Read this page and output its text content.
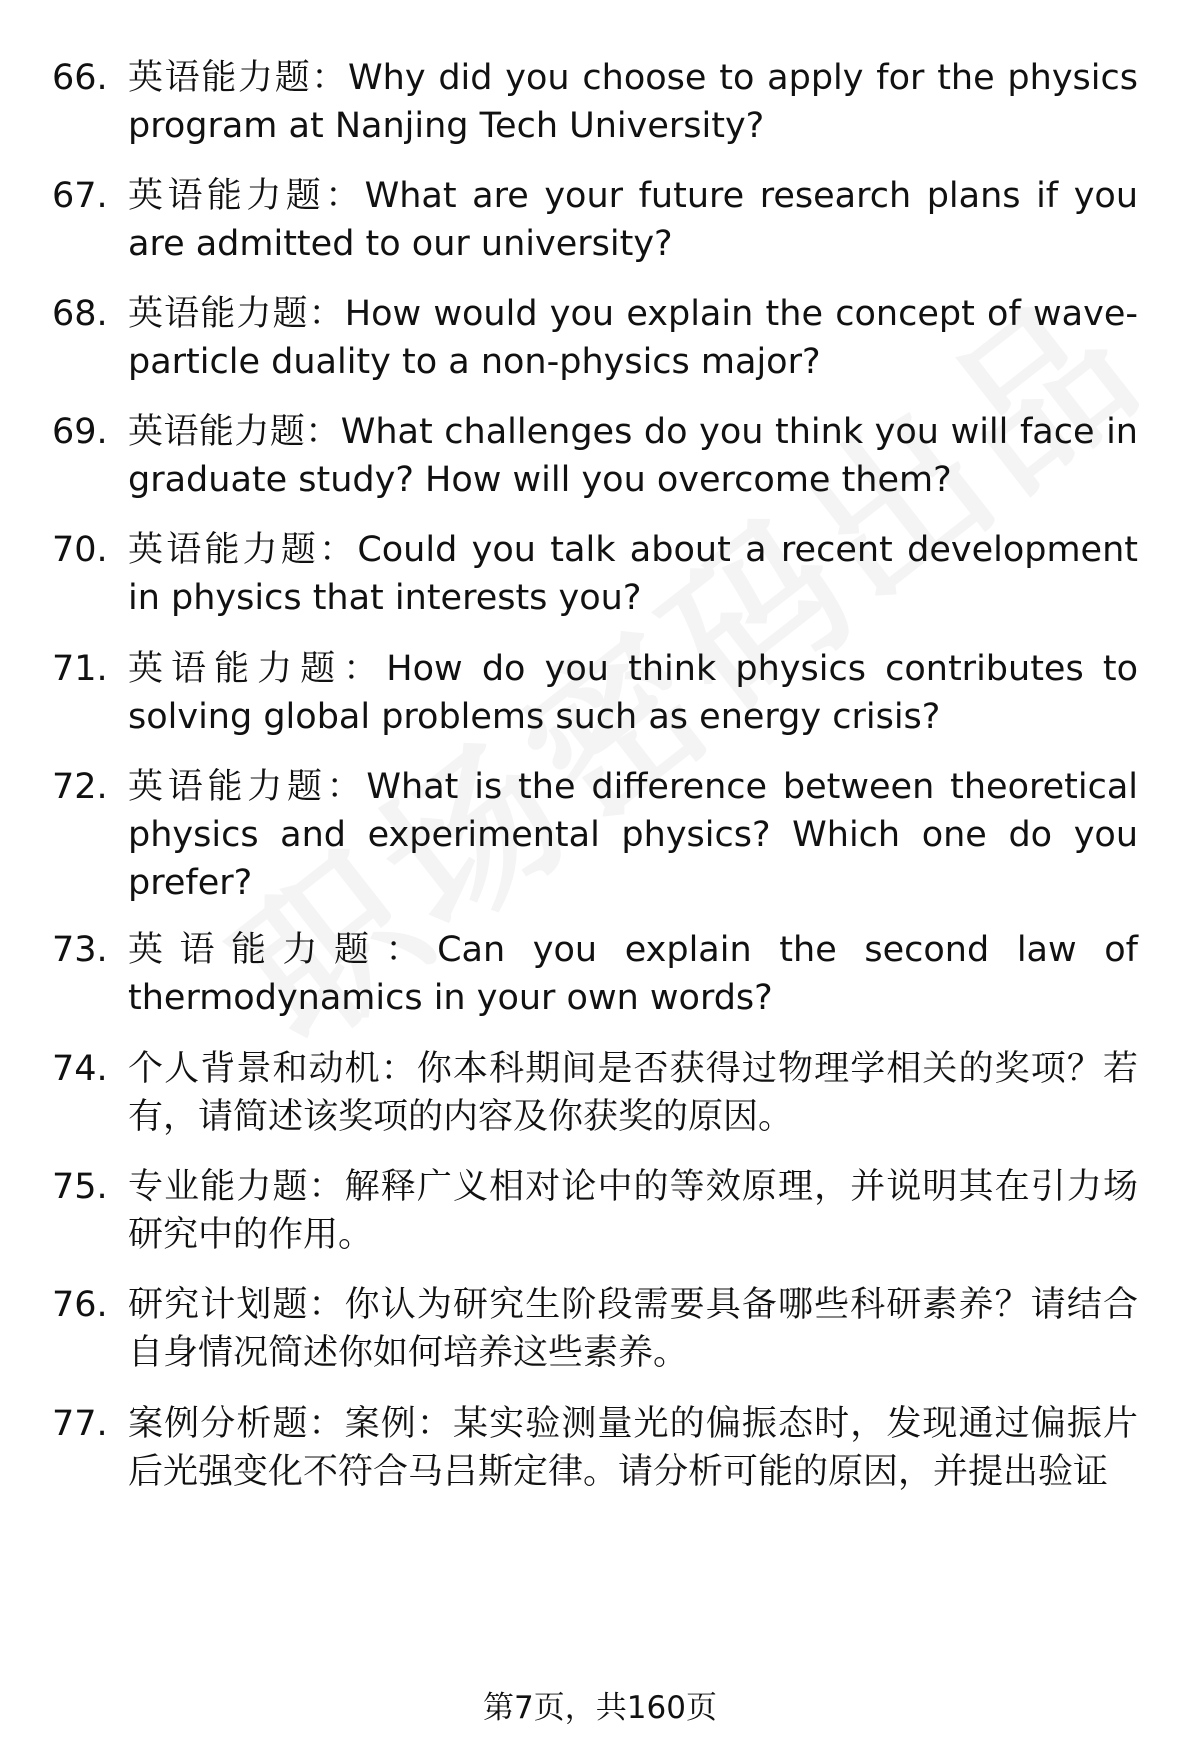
66. 英语能力题：Why did you choose to apply for the physics program at Nanjing Tech University?
67. 英语能力题：What are your future research plans if you are admitted to our university?
68. 英语能力题：How would you explain the concept of wave-particle duality to a non-physics major?
69. 英语能力题：What challenges do you think you will face in graduate study? How will you overcome them?
70. 英语能力题：Could you talk about a recent development in physics that interests you?
71. 英语能力题：How do you think physics contributes to solving global problems such as energy crisis?
72. 英语能力题：What is the difference between theoretical physics and experimental physics? Which one do you prefer?
73. 英语能力题：Can you explain the second law of thermodynamics in your own words?
74. 个人背景和动机：你本科期间是否获得过物理学相关的奖项？若有，请简述该奖项的内容及你获奖的原因。
75. 专业能力题：解释广义相对论中的等效原理，并说明其在引力场研究中的作用。
76. 研究计划题：你认为研究生阶段需要具备哪些科研素养？请结合自身情况简述你如何培养这些素养。
77. 案例分析题：案例：某实验测量光的偏振态时，发现通过偏振片后光强变化不符合马吕斯定律。请分析可能的原因，并提出验证
第7页，共160页
